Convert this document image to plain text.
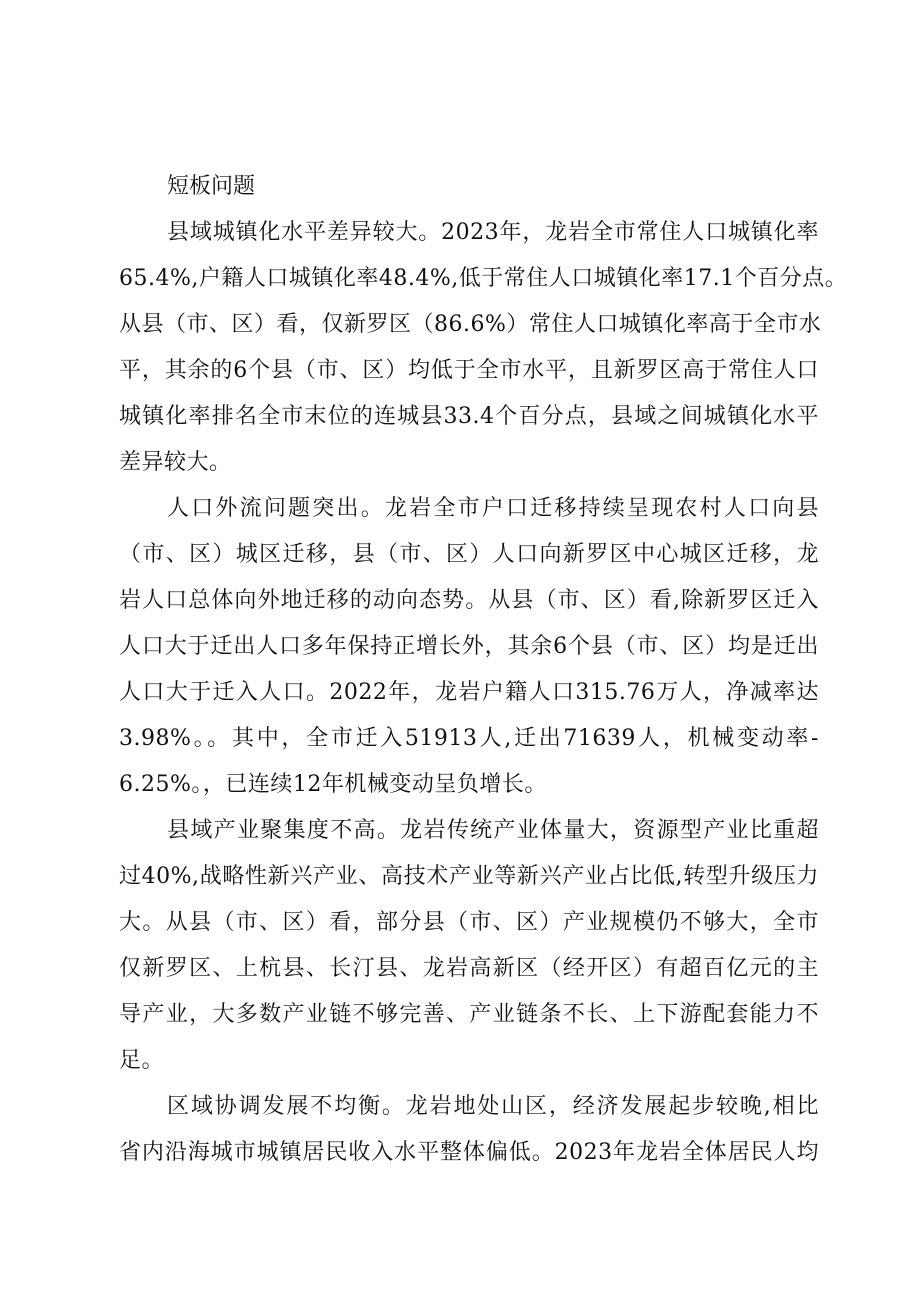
短板问题

县域城镇化水平差异较大。2023年，龙岩全市常住人口城镇化率
65.4%,户籍人口城镇化率48.4%,低于常住人口城镇化率17.1个百分点。
从县（市、区）看，仅新罗区（86.6%）常住人口城镇化率高于全市水
平，其余的6个县（市、区）均低于全市水平，且新罗区高于常住人口
城镇化率排名全市末位的连城县33.4个百分点，县域之间城镇化水平
差异较大。
人口外流问题突出。龙岩全市户口迁移持续呈现农村人口向县
（市、区）城区迁移，县（市、区）人口向新罗区中心城区迁移，龙
岩人口总体向外地迁移的动向态势。从县（市、区）看,除新罗区迁入
人口大于迁出人口多年保持正增长外，其余6个县（市、区）均是迁出
人口大于迁入人口。2022年，龙岩户籍人口315.76万人，净减率达
3.98%。。其中，全市迁入51913人,迁出71639人，机械变动率-
6.25%。，已连续12年机械变动呈负增长。
县域产业聚集度不高。龙岩传统产业体量大，资源型产业比重超
过40%,战略性新兴产业、高技术产业等新兴产业占比低,转型升级压力
大。从县（市、区）看，部分县（市、区）产业规模仍不够大，全市
仅新罗区、上杭县、长汀县、龙岩高新区（经开区）有超百亿元的主
导产业，大多数产业链不够完善、产业链条不长、上下游配套能力不
足。
区域协调发展不均衡。龙岩地处山区，经济发展起步较晚,相比
省内沿海城市城镇居民收入水平整体偏低。2023年龙岩全体居民人均
